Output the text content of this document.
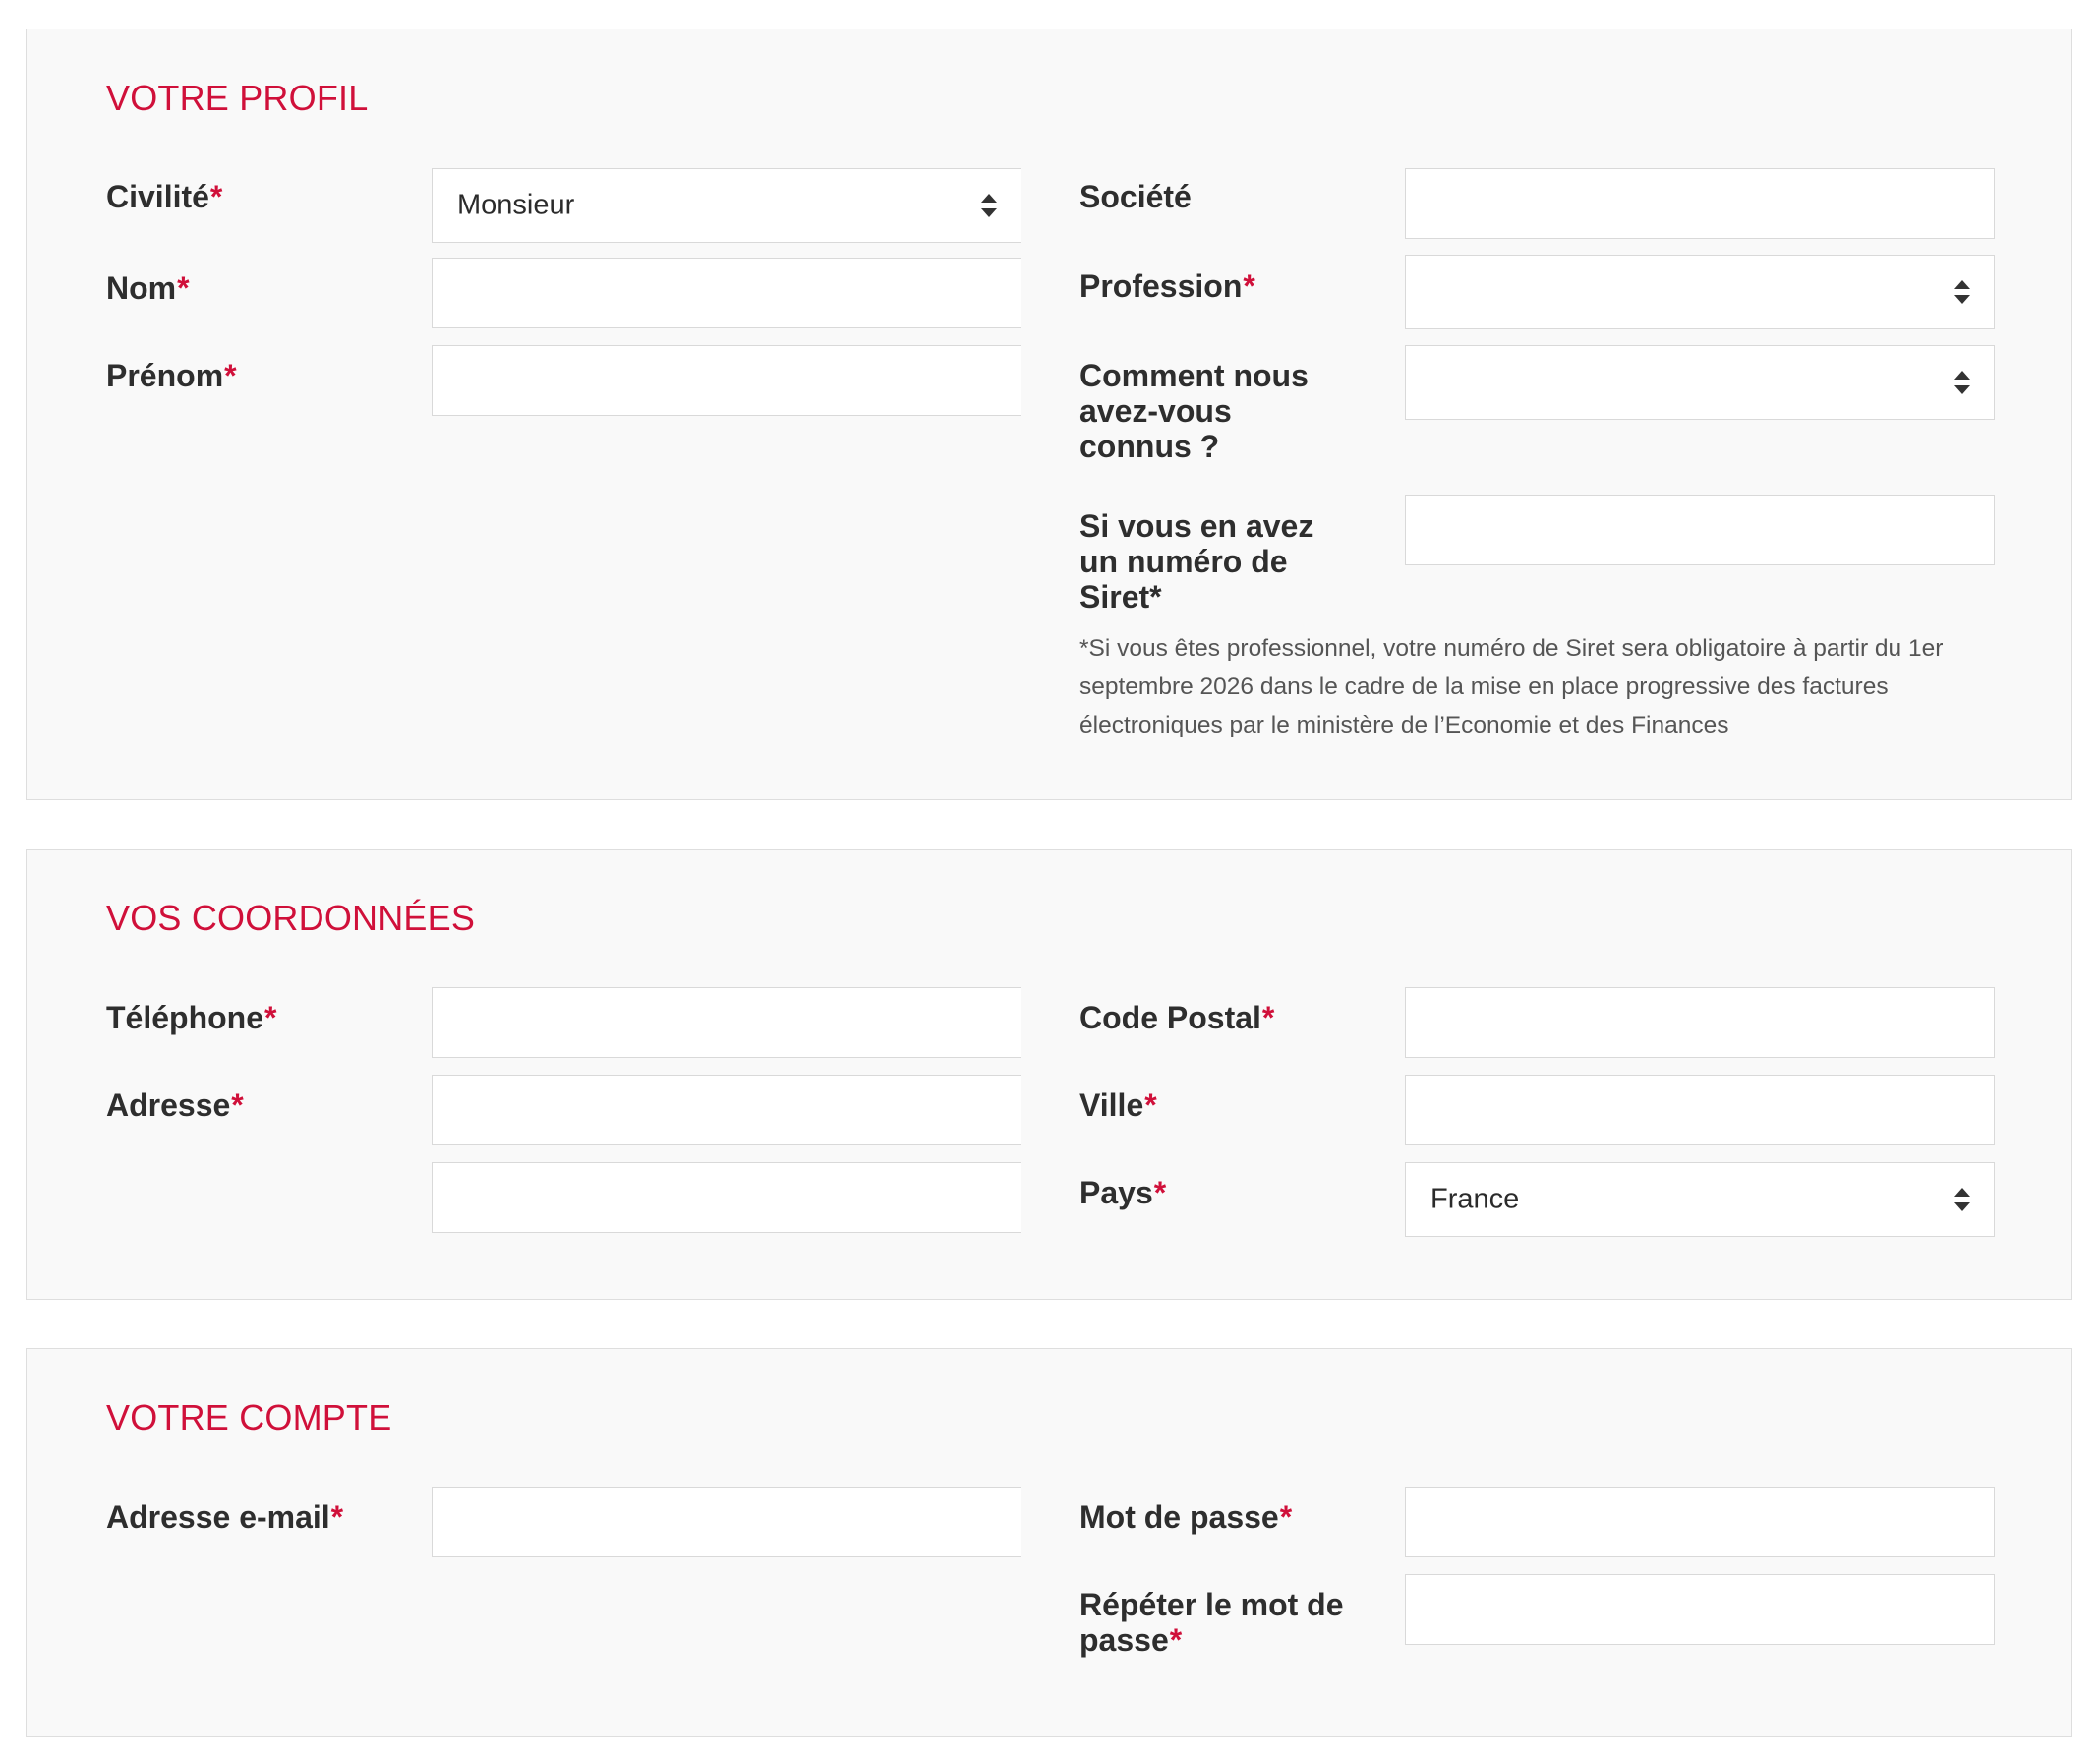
VOTRE PROFIL
Civilité*	Monsieur
Nom*
Prénom*
Société
Profession*
Comment nous avez-vous connus ?
Si vous en avez un numéro de Siret*

*Si vous êtes professionnel, votre numéro de Siret sera obligatoire à partir du 1er septembre 2026 dans le cadre de la mise en place progressive des factures électroniques par le ministère de l’Economie et des Finances

VOS COORDONNÉES
Téléphone*
Adresse*
Code Postal*
Ville*
Pays*	France
VOTRE COMPTE
Adresse e-mail*	Mot de passe*
Répéter le mot de passe*
